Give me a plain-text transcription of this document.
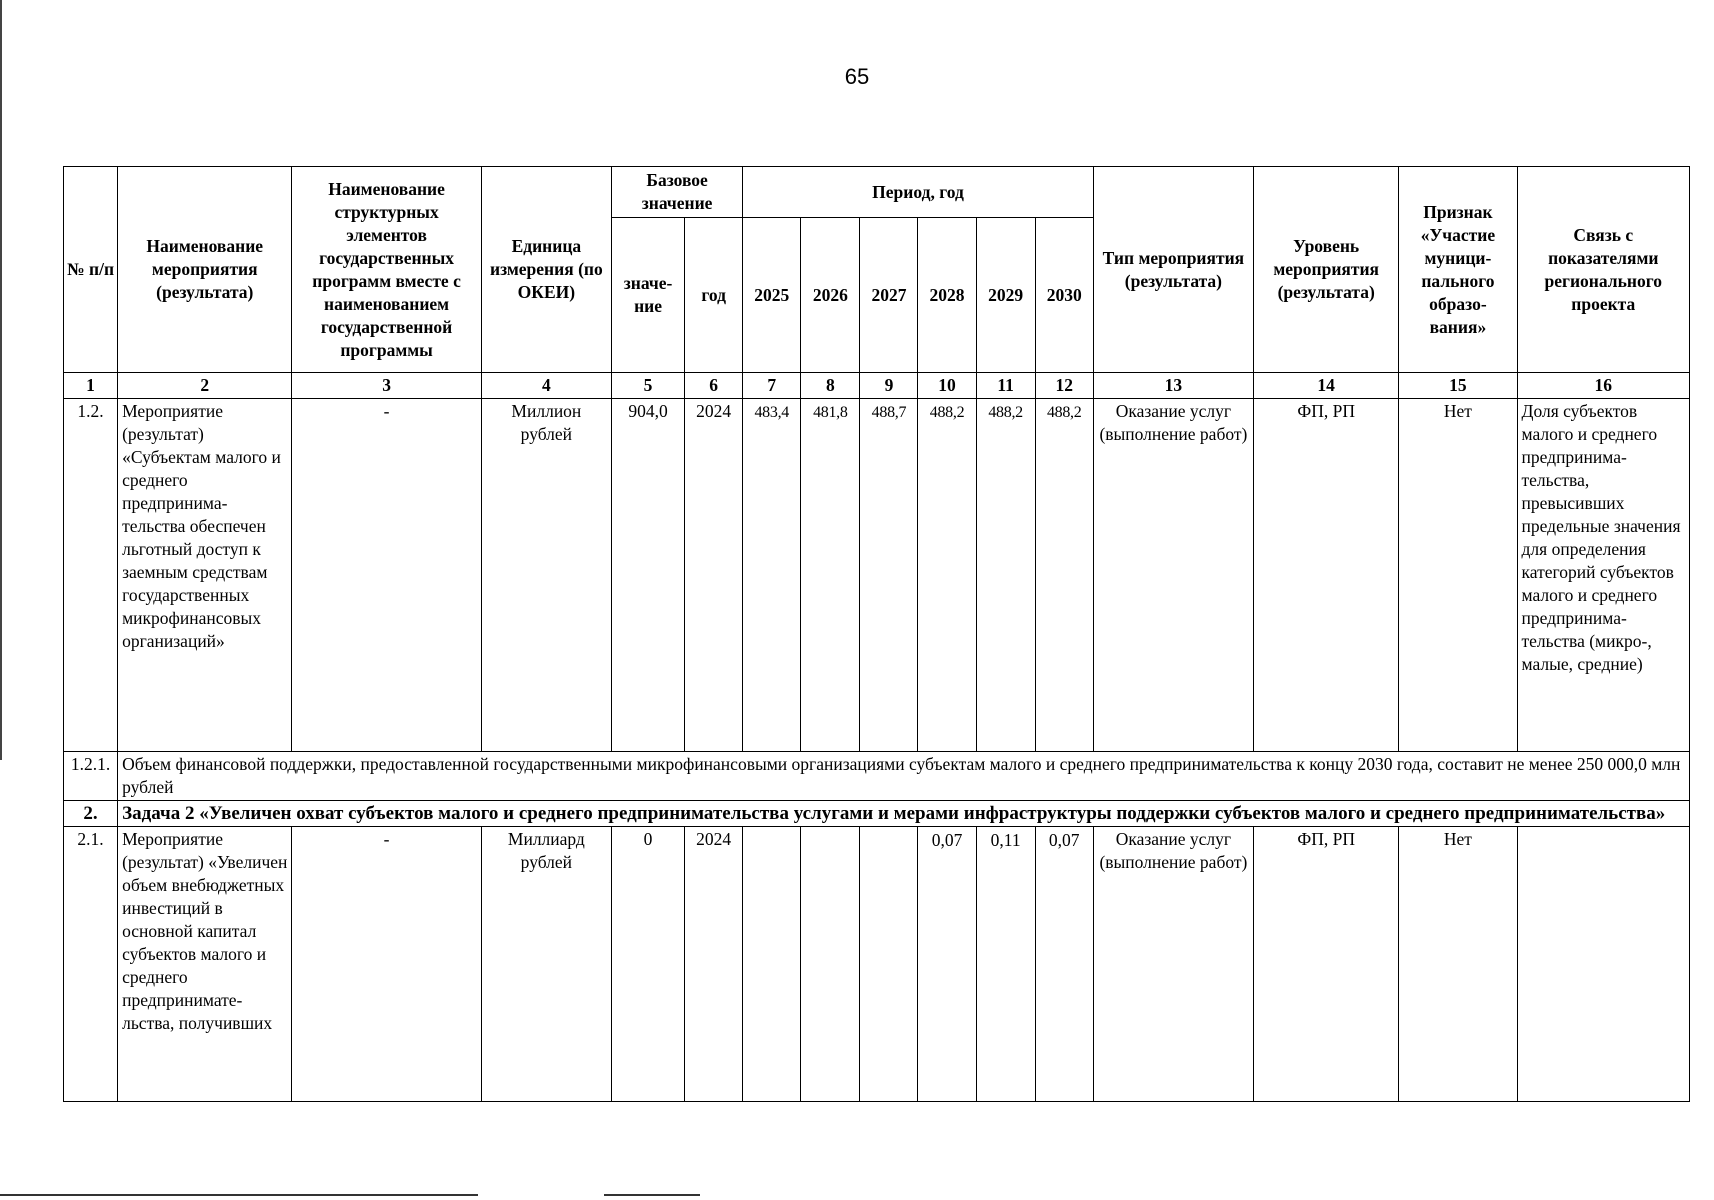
65
№ п/п	Наименование мероприятия (результата)	Наименование структурных элементов государственных программ вместе с наименованием государственной программы	Единица измерения (по ОКЕИ)	Базовое значение		Период, год						Тип мероприятия (результата)	Уровень мероприятия (результата)	Признак «Участие муници-пального образо-вания»	Связь с показателями регионального проекта
				значе-ние	год	2025	2026	2027	2028	2029	2030				
1	2	3	4	5	6	7	8	9	10	11	12	13	14	15	16
1.2.	Мероприятие (результат) «Субъектам малого и среднего предпринима-тельства обеспечен льготный доступ к заемным средствам государственных микрофинансовых организаций»	-	Миллион рублей	904,0	2024	483,4	481,8	488,7	488,2	488,2	488,2	Оказание услуг (выполнение работ)	ФП, РП	Нет	Доля субъектов малого и среднего предпринима-тельства, превысивших предельные значения для определения категорий субъектов малого и среднего предпринима-тельства (микро-, малые, средние)
1.2.1.	Объем финансовой поддержки, предоставленной государственными микрофинансовыми организациями субъектам малого и среднего предпринимательства к концу 2030 года, составит не менее 250 000,0 млн рублей														
2.	Задача 2 «Увеличен охват субъектов малого и среднего предпринимательства услугами и мерами инфраструктуры поддержки субъектов малого и среднего предпринимательства»														
2.1.	Мероприятие (результат) «Увеличен объем внебюджетных инвестиций в основной капитал субъектов малого и среднего предпринимате-льства, получивших	-	Миллиард рублей	0	2024				0,07	0,11	0,07	Оказание услуг (выполнение работ)	ФП, РП	Нет	
